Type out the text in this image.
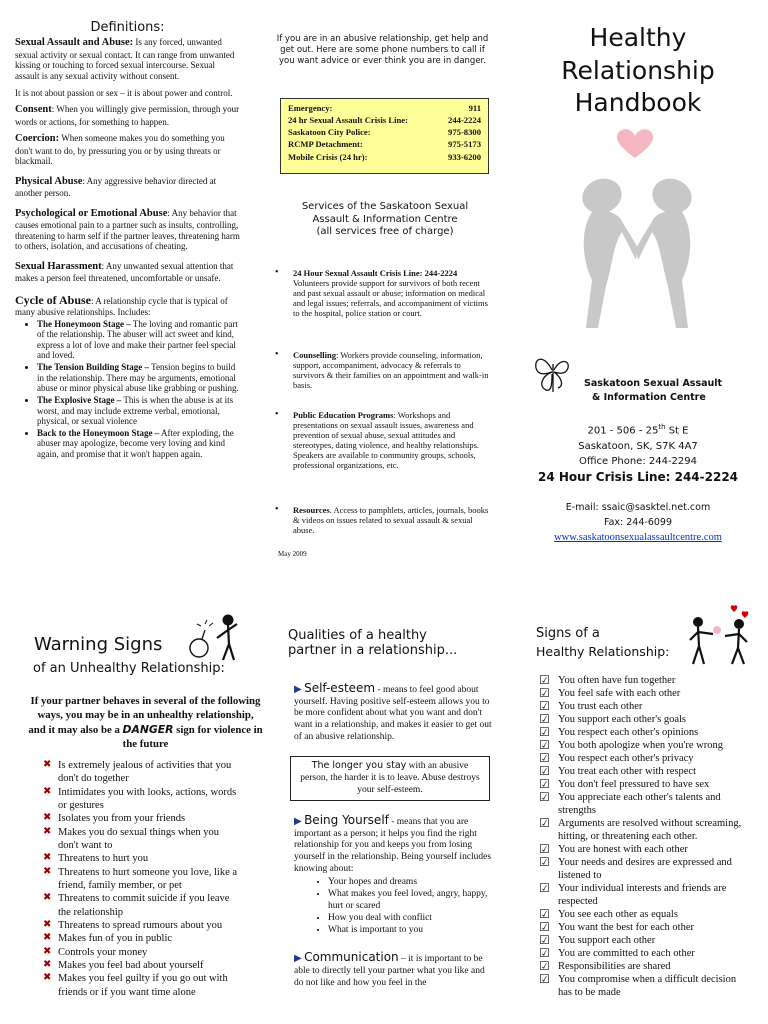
Definitions:

Sexual Assault and Abuse: Is any forced, unwanted sexual activity or sexual contact. It can range from unwanted kissing or touching to forced sexual intercourse. Sexual assault is any sexual activity without consent.

It is not about passion or sex – it is about power and control.

Consent: When you willingly give permission, through your words or actions, for something to happen.
Coercion: When someone makes you do something you don't want to do, by pressuring you or by using threats or blackmail.
Physical Abuse: Any aggressive behavior directed at another person.
Psychological or Emotional Abuse: Any behavior that causes emotional pain to a partner such as insults, controlling, threatening to harm self if the partner leaves, threatening harm to others, isolation, and accusations of cheating.
Sexual Harassment: Any unwanted sexual attention that makes a person feel threatened, uncomfortable or unsafe.
Cycle of Abuse: A relationship cycle that is typical of many abusive relationships. Includes:
• The Honeymoon Stage – The loving and romantic part of the relationship. The abuser will act sweet and kind, express a lot of love and make their partner feel special and loved.
• The Tension Building Stage – Tension begins to build in the relationship. There may be arguments, emotional abuse or minor physical abuse like grabbing or pushing.
• The Explosive Stage – This is when the abuse is at its worst, and may include extreme verbal, emotional, physical, or sexual violence
• Back to the Honeymoon Stage – After exploding, the abuser may apologize, become very loving and kind again, and promise that it won't happen again.

If you are in an abusive relationship, get help and get out. Here are some phone numbers to call if you want advice or ever think you are in danger.

Emergency:	911
24 hr Sexual Assault Crisis Line:	244-2224
Saskatoon City Police:	975-8300
RCMP Detachment:	975-5173
Mobile Crisis (24 hr):	933-6200
Services of the Saskatoon Sexual Assault & Information Centre
(all services free of charge)
• 24 Hour Sexual Assault Crisis Line: 244-2224 Volunteers provide support for survivors of both recent and past sexual assault or abuse; information on medical and legal issues; referrals, and accompaniment of victims to the hospital, police station or court.
• Counselling: Workers provide counseling, information, support, accompaniment, advocacy & referrals to survivors & their families on an appointment and walk-in basis.
• Public Education Programs: Workshops and presentations on sexual assault issues, awareness and prevention of sexual abuse, sexual attitudes and stereotypes, dating violence, and healthy relationships. Speakers are available to community groups, schools, professional organizations, etc.
• Resources. Access to pamphlets, articles, journals, books & videos on issues related to sexual assault & sexual abuse.
May 2009
Healthy
Relationship
Handbook
Saskatoon Sexual Assault
& Information Centre
201 - 506 - 25th St E
Saskatoon, SK, S7K 4A7
Office Phone: 244-2294
24 Hour Crisis Line: 244-2224
E-mail: ssaic@sasktel.net.com
Fax: 244-6099
www.saskatoonsexualassaultcentre.com
Warning Signs
of an Unhealthy Relationship:

If your partner behaves in several of the following ways, you may be in an unhealthy relationship, and it may also be a DANGER sign for violence in the future

✖ Is extremely jealous of activities that you don't do together
✖ Intimidates you with looks, actions, words or gestures
✖ Isolates you from your friends
✖ Makes you do sexual things when you don't want to
✖ Threatens to hurt you
✖ Threatens to hurt someone you love, like a friend, family member, or pet
✖ Threatens to commit suicide if you leave the relationship
✖ Threatens to spread rumours about you
✖ Makes fun of you in public
✖ Controls your money
✖ Makes you feel bad about yourself
✖ Makes you feel guilty if you go out with friends or if you want time alone
Qualities of a healthy
partner in a relationship...
▶ Self-esteem - means to feel good about yourself. Having positive self-esteem allows you to be more confident about what you want and don't want in a relationship, and makes it easier to get out of an abusive relationship.
The longer you stay with an abusive person, the harder it is to leave. Abuse destroys your self-esteem.
▶ Being Yourself - means that you are important as a person; it helps you find the right relationship for you and keeps you from losing yourself in the relationship. Being yourself includes knowing about:
• Your hopes and dreams
• What makes you feel loved, angry, happy, hurt or scared
• How you deal with conflict
• What is important to you
▶ Communication – it is important to be able to directly tell your partner what you like and do not like and how you feel in the
Signs of a
Healthy Relationship:
☑ You often have fun together
☑ You feel safe with each other
☑ You trust each other
☑ You support each other's goals
☑ You respect each other's opinions
☑ You both apologize when you're wrong
☑ You respect each other's privacy
☑ You treat each other with respect
☑ You don't feel pressured to have sex
☑ You appreciate each other's talents and strengths
☑ Arguments are resolved without screaming, hitting, or threatening each other.
☑ You are honest with each other
☑ Your needs and desires are expressed and listened to
☑ Your individual interests and friends are respected
☑ You see each other as equals
☑ You want the best for each other
☑ You support each other
☑ You are committed to each other
☑ Responsibilities are shared
☑ You compromise when a difficult decision has to be made
